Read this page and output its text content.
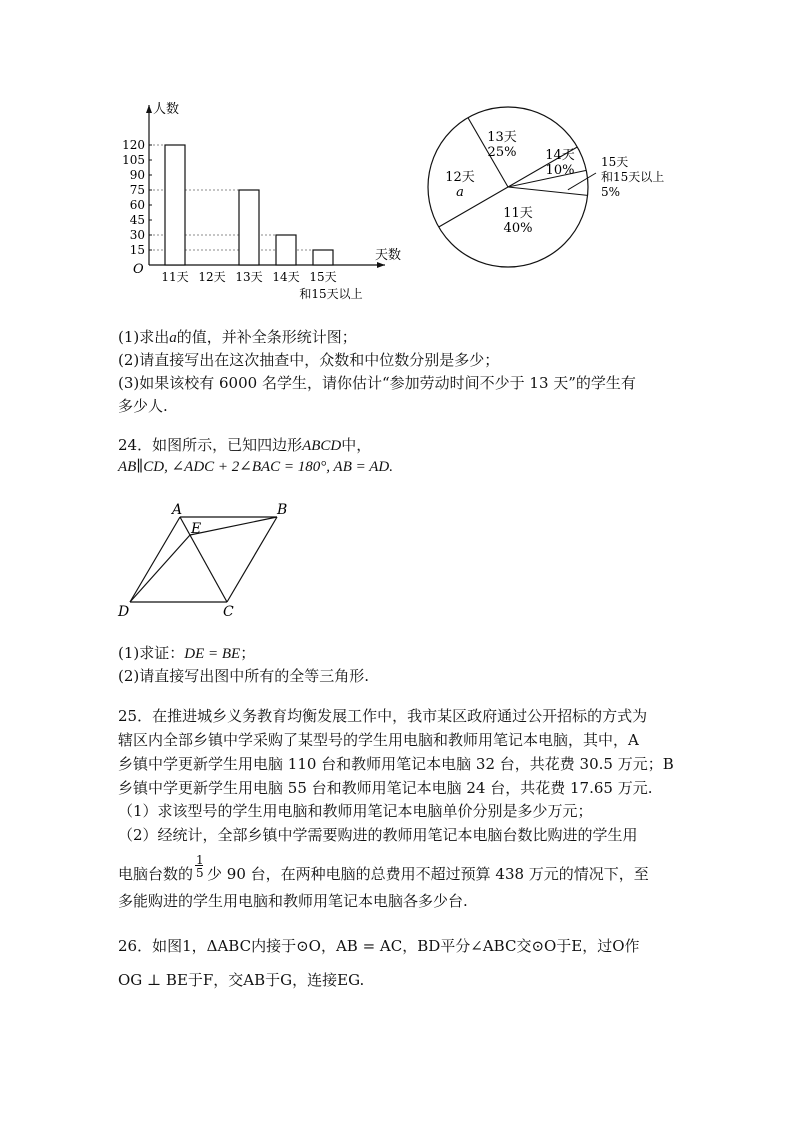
人数
天数
O
15
30
45
60
75
90
105
120
11天 12天 13天 14天 15天
和15天以上
11天
40%
12天
a
13天
25% 14天
10%
15天
和15天以上
5%
(1)求出a的值，并补全条形统计图；
(2)请直接写出在这次抽查中，众数和中位数分别是多少；
(3)如果该校有 6000 名学生，请你估计“参加劳动时间不少于 13 天”的学生有
多少人.
24．如图所示，已知四边形ABCD中，
AB∥CD, ∠ADC + 2∠BAC = 180°, AB = AD.
A	B
E
D	C
(1)求证：DE = BE；
(2)请直接写出图中所有的全等三角形.
25．在推进城乡义务教育均衡发展工作中，我市某区政府通过公开招标的方式为
辖区内全部乡镇中学采购了某型号的学生用电脑和教师用笔记本电脑，其中，A
乡镇中学更新学生用电脑 110 台和教师用笔记本电脑 32 台，共花费 30.5 万元；B
乡镇中学更新学生用电脑 55 台和教师用笔记本电脑 24 台，共花费 17.65 万元.
（1）求该型号的学生用电脑和教师用笔记本电脑单价分别是多少万元；
（2）经统计，全部乡镇中学需要购进的教师用笔记本电脑台数比购进的学生用
电脑台数的
1
5 少 90 台，在两种电脑的总费用不超过预算 438 万元的情况下，至
多能购进的学生用电脑和教师用笔记本电脑各多少台.
26．如图1，ΔABC内接于⊙O，AB = AC，BD平分∠ABC交⊙O于E，过O作
OG ⊥ BE于F，交AB于G，连接EG.
